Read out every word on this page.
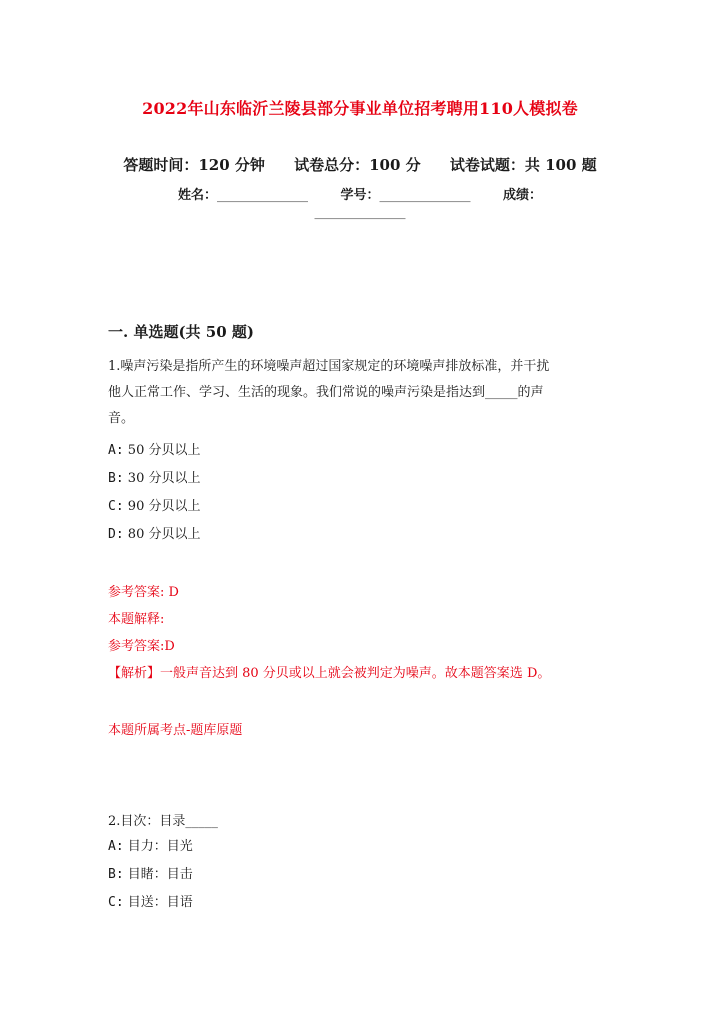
2022年山东临沂兰陵县部分事业单位招考聘用110人模拟卷
答题时间：120 分钟 试卷总分：100 分 试卷试题：共 100 题
姓名：______________	学号：______________	成绩：
______________
一. 单选题(共 50 题)
1.噪声污染是指所产生的环境噪声超过国家规定的环境噪声排放标准，并干扰
他人正常工作、学习、生活的现象。我们常说的噪声污染是指达到_____的声
音。
A: 50 分贝以上
B: 30 分贝以上
C: 90 分贝以上
D: 80 分贝以上
参考答案: D
本题解释:
参考答案:D
【解析】一般声音达到 80 分贝或以上就会被判定为噪声。故本题答案选 D。
本题所属考点-题库原题
2.目次：目录_____
A: 目力：目光
B: 目睹：目击
C: 目送：目语
